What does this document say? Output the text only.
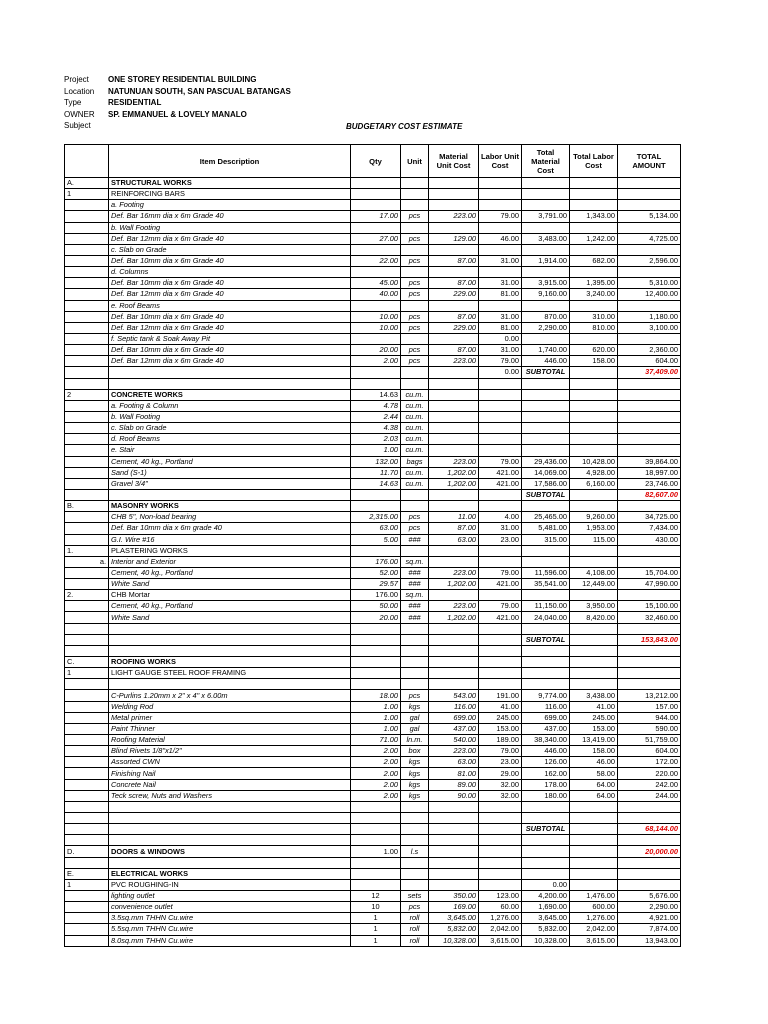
Project	ONE STOREY RESIDENTIAL BUILDING
Location	NATUNUAN SOUTH, SAN PASCUAL BATANGAS
Type	RESIDENTIAL
OWNER	SP. EMMANUEL & LOVELY MANALO
Subject	BUDGETARY COST ESTIMATE
	Item Description	Qty	Unit	Material Unit Cost	Labor Unit Cost	Total Material Cost	Total Labor Cost	TOTAL AMOUNT
A.	STRUCTURAL WORKS							
1	REINFORCING BARS							
	a. Footing							
	Def. Bar 16mm dia x 6m Grade 40	17.00	pcs	223.00	79.00	3,791.00	1,343.00	5,134.00
	b. Wall Footing							
	Def. Bar 12mm dia x 6m Grade 40	27.00	pcs	129.00	46.00	3,483.00	1,242.00	4,725.00
	c. Slab on Grade							
	Def. Bar 10mm dia x 6m Grade 40	22.00	pcs	87.00	31.00	1,914.00	682.00	2,596.00
	d. Columns							
	Def. Bar 10mm dia x 6m Grade 40	45.00	pcs	87.00	31.00	3,915.00	1,395.00	5,310.00
	Def. Bar 12mm dia x 6m Grade 40	40.00	pcs	229.00	81.00	9,160.00	3,240.00	12,400.00
	e. Roof Beams							
	Def. Bar 10mm dia x 6m Grade 40	10.00	pcs	87.00	31.00	870.00	310.00	1,180.00
	Def. Bar 12mm dia x 6m Grade 40	10.00	pcs	229.00	81.00	2,290.00	810.00	3,100.00
	f. Septic tank & Soak Away Pit				0.00			
	Def. Bar 10mm dia x 6m Grade 40	20.00	pcs	87.00	31.00	1,740.00	620.00	2,360.00
	Def. Bar 12mm dia x 6m Grade 40	2.00	pcs	223.00	79.00	446.00	158.00	604.00
					0.00	SUBTOTAL		37,409.00

2	CONCRETE WORKS	14.63	cu.m.					
	a. Footing & Column	4.78	cu.m.					
	b. Wall Footing	2.44	cu.m.					
	c. Slab on Grade	4.38	cu.m.					
	d. Roof Beams	2.03	cu.m.					
	e. Stair	1.00	cu.m.					
	Cement, 40 kg., Portland	132.00	bags	223.00	79.00	29,436.00	10,428.00	39,864.00
	Sand (S-1)	11.70	cu.m.	1,202.00	421.00	14,069.00	4,928.00	18,997.00
	Gravel 3/4"	14.63	cu.m.	1,202.00	421.00	17,586.00	6,160.00	23,746.00
						SUBTOTAL		82,607.00
B.	MASONRY WORKS							
	CHB 5", Non-load bearing	2,315.00	pcs	11.00	4.00	25,465.00	9,260.00	34,725.00
	Def. Bar 10mm dia x 6m grade 40	63.00	pcs	87.00	31.00	5,481.00	1,953.00	7,434.00
	G.I. Wire #16	5.00	###	63.00	23.00	315.00	115.00	430.00
1.	PLASTERING WORKS							
a.	Interior and Exterior	176.00	sq.m.					
	Cement, 40 kg., Portland	52.00	###	223.00	79.00	11,596.00	4,108.00	15,704.00
	White Sand	29.57	###	1,202.00	421.00	35,541.00	12,449.00	47,990.00
2.	CHB Mortar	176.00	sq.m.					
	Cement, 40 kg., Portland	50.00	###	223.00	79.00	11,150.00	3,950.00	15,100.00
	White Sand	20.00	###	1,202.00	421.00	24,040.00	8,420.00	32,460.00

						SUBTOTAL		153,843.00

C.	ROOFING WORKS							
1	LIGHT GAUGE STEEL ROOF FRAMING							

	C-Purlins 1.20mm x 2" x 4" x 6.00m	18.00	pcs	543.00	191.00	9,774.00	3,438.00	13,212.00
	Welding Rod	1.00	kgs	116.00	41.00	116.00	41.00	157.00
	Metal primer	1.00	gal	699.00	245.00	699.00	245.00	944.00
	Paint Thinner	1.00	gal	437.00	153.00	437.00	153.00	590.00
	Roofing Material	71.00	ln.m.	540.00	189.00	38,340.00	13,419.00	51,759.00
	Blind Rivets 1/8"x1/2"	2.00	box	223.00	79.00	446.00	158.00	604.00
	Assorted CWN	2.00	kgs	63.00	23.00	126.00	46.00	172.00
	Finishing Nail	2.00	kgs	81.00	29.00	162.00	58.00	220.00
	Concrete Nail	2.00	kgs	89.00	32.00	178.00	64.00	242.00
	Teck screw, Nuts and Washers	2.00	kgs	90.00	32.00	180.00	64.00	244.00

						SUBTOTAL		68,144.00

D.	DOORS & WINDOWS	1.00	l.s					20,000.00

E.	ELECTRICAL WORKS							
1	PVC ROUGHING-IN					0.00		
	lighting outlet	12	sets	350.00	123.00	4,200.00	1,476.00	5,676.00
	convenience outlet	10	pcs	169.00	60.00	1,690.00	600.00	2,290.00
	3.5sq.mm THHN Cu.wire	1	roll	3,645.00	1,276.00	3,645.00	1,276.00	4,921.00
	5.5sq.mm THHN Cu.wire	1	roll	5,832.00	2,042.00	5,832.00	2,042.00	7,874.00
	8.0sq.mm THHN Cu.wire	1	roll	10,328.00	3,615.00	10,328.00	3,615.00	13,943.00
